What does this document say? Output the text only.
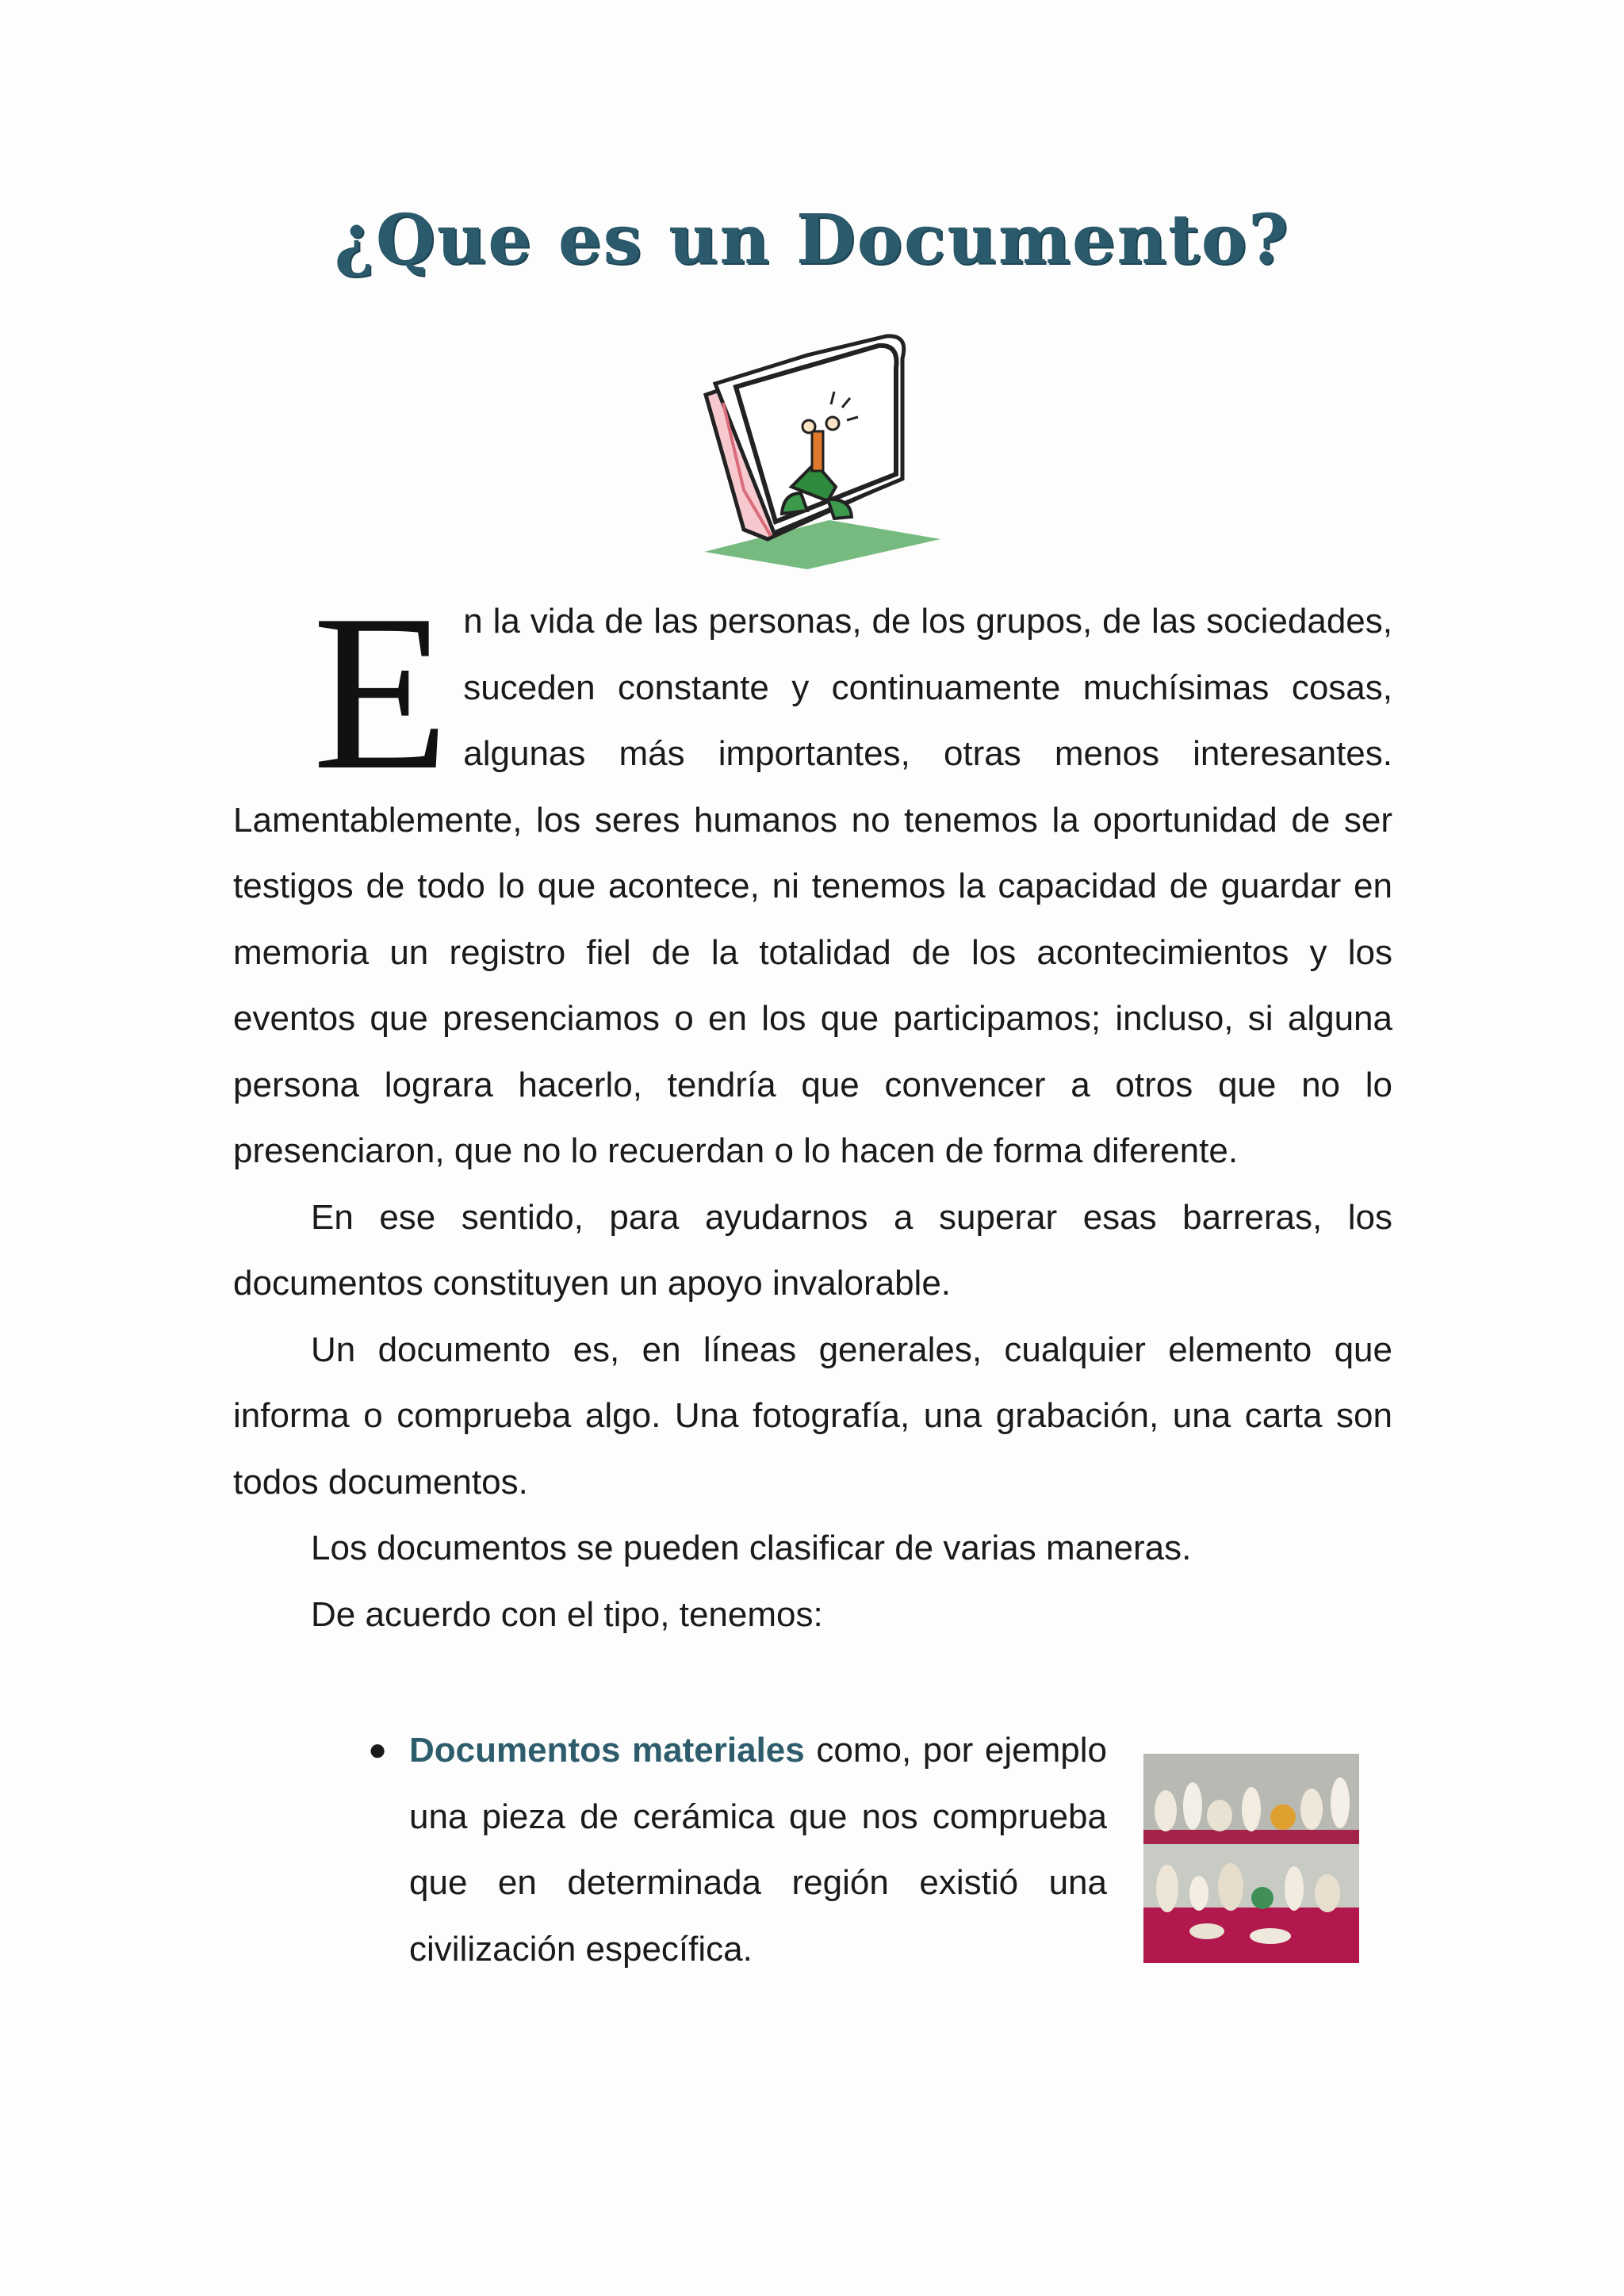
¿Que es un Documento?

En la vida de las personas, de los grupos, de las sociedades, suceden constante y continuamente muchísimas cosas, algunas más importantes, otras menos interesantes. Lamentablemente, los seres humanos no tenemos la oportunidad de ser testigos de todo lo que acontece, ni tenemos la capacidad de guardar en memoria un registro fiel de la totalidad de los acontecimientos y los eventos que presenciamos o en los que participamos; incluso, si alguna persona lograra hacerlo, tendría que convencer a otros que no lo presenciaron, que no lo recuerdan o lo hacen de forma diferente.

En ese sentido, para ayudarnos a superar esas barreras, los documentos constituyen un apoyo invalorable.

Un documento es, en líneas generales, cualquier elemento que informa o comprueba algo. Una fotografía, una grabación, una carta son todos documentos.

Los documentos se pueden clasificar de varias maneras.

De acuerdo con el tipo, tenemos:

● Documentos materiales como, por ejemplo una pieza de cerámica que nos comprueba que en determinada región existió una civilización específica.
